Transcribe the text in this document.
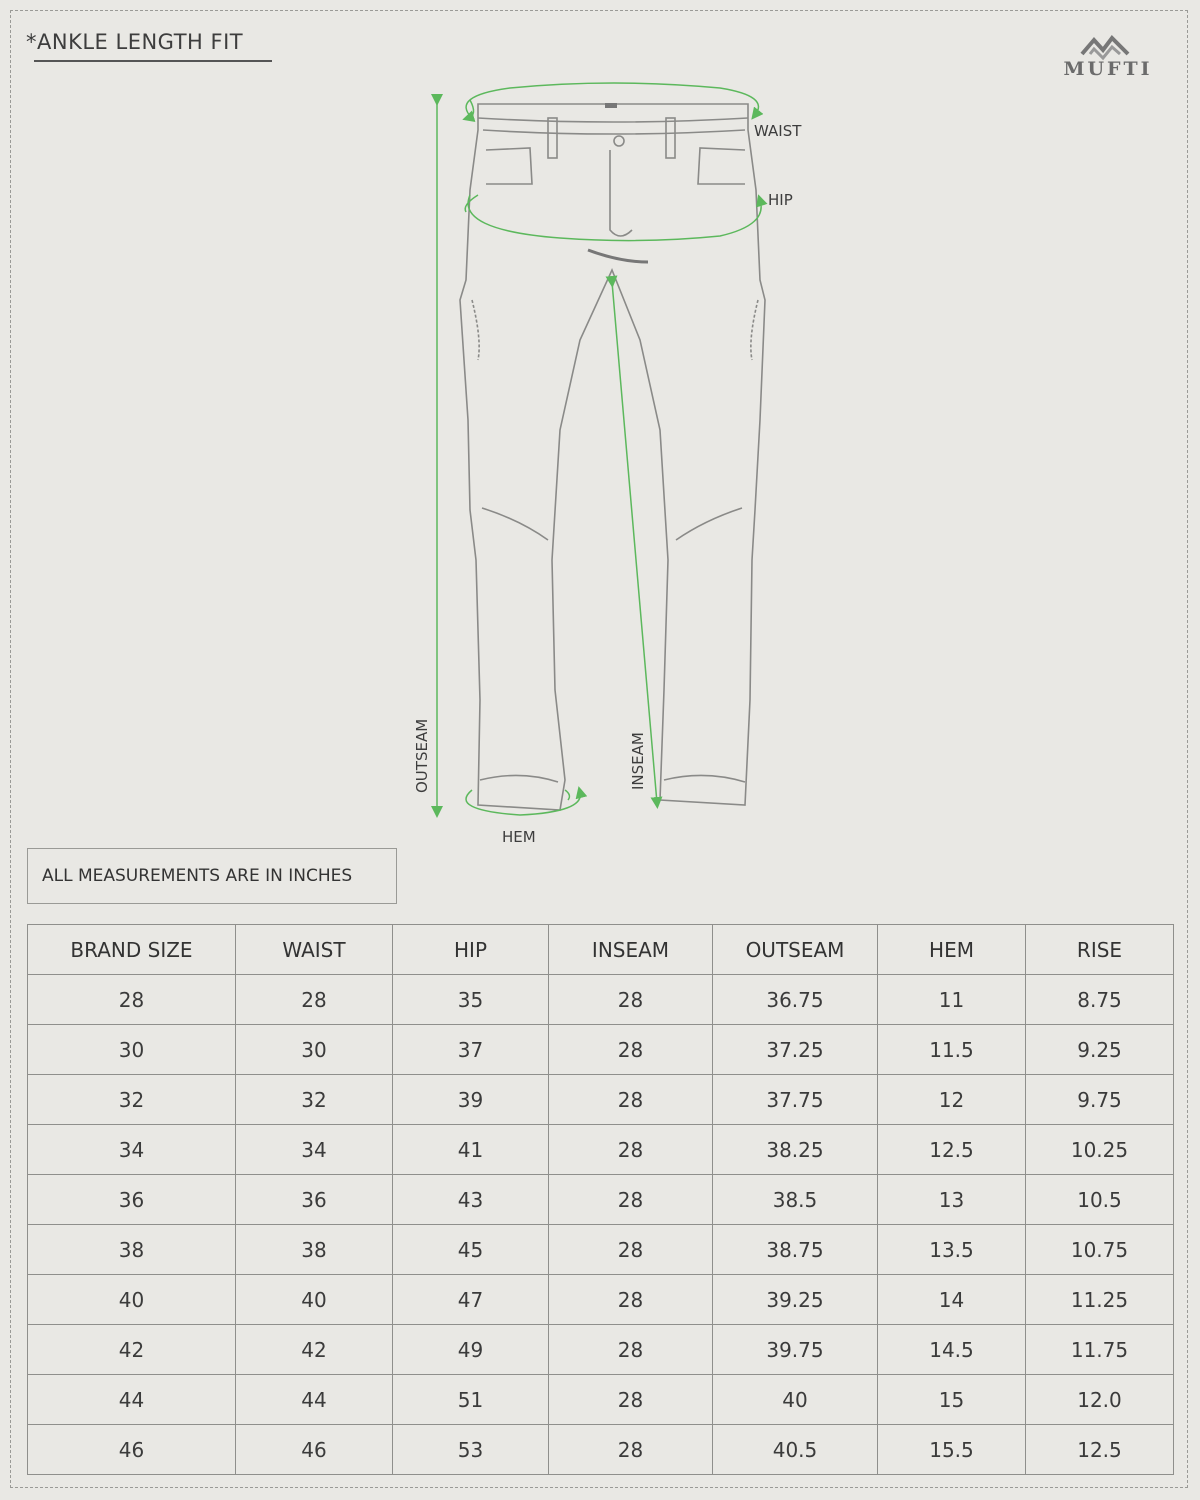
*ANKLE LENGTH FIT
MUFTI
WAIST
HIP
OUTSEAM	INSEAM
HEM
ALL MEASUREMENTS ARE IN INCHES
BRAND SIZE	WAIST	HIP	INSEAM	OUTSEAM	HEM	RISE
28	28	35	28	36.75	11	8.75
30	30	37	28	37.25	11.5	9.25
32	32	39	28	37.75	12	9.75
34	34	41	28	38.25	12.5	10.25
36	36	43	28	38.5	13	10.5
38	38	45	28	38.75	13.5	10.75
40	40	47	28	39.25	14	11.25
42	42	49	28	39.75	14.5	11.75
44	44	51	28	40	15	12.0
46	46	53	28	40.5	15.5	12.5
